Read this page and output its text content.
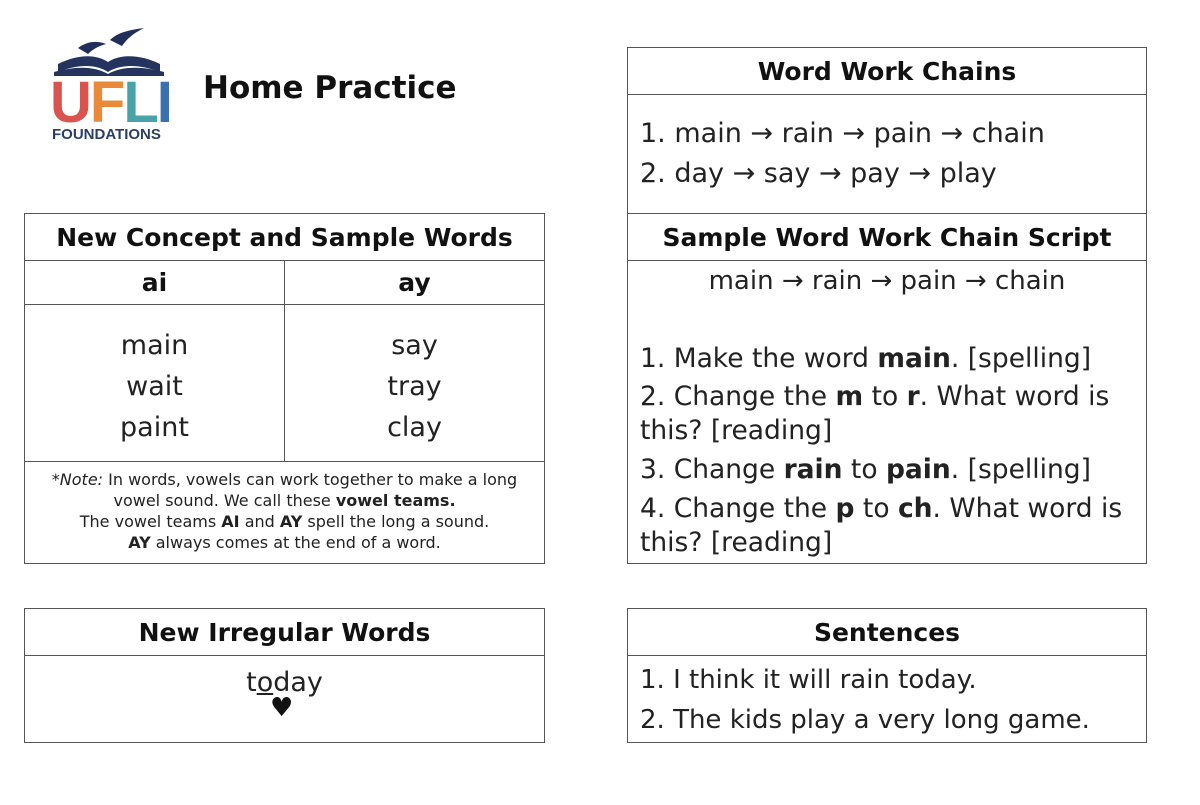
UFLI
FOUNDATIONS
Home Practice
New Concept and Sample Words
ai	ay
main
wait
paint
say
tray
clay
*Note: In words, vowels can work together to make a long
vowel sound. We call these vowel teams.
The vowel teams AI and AY spell the long a sound.
AY always comes at the end of a word.
New Irregular Words
today
♥
Word Work Chains
1. main → rain → pain → chain
2. day → say → pay → play
Sample Word Work Chain Script
main → rain → pain → chain
1. Make the word main. [spelling]
2. Change the m to r. What word is
this? [reading]
3. Change rain to pain. [spelling]
4. Change the p to ch. What word is
this? [reading]
Sentences
1. I think it will rain today.
2. The kids play a very long game.
